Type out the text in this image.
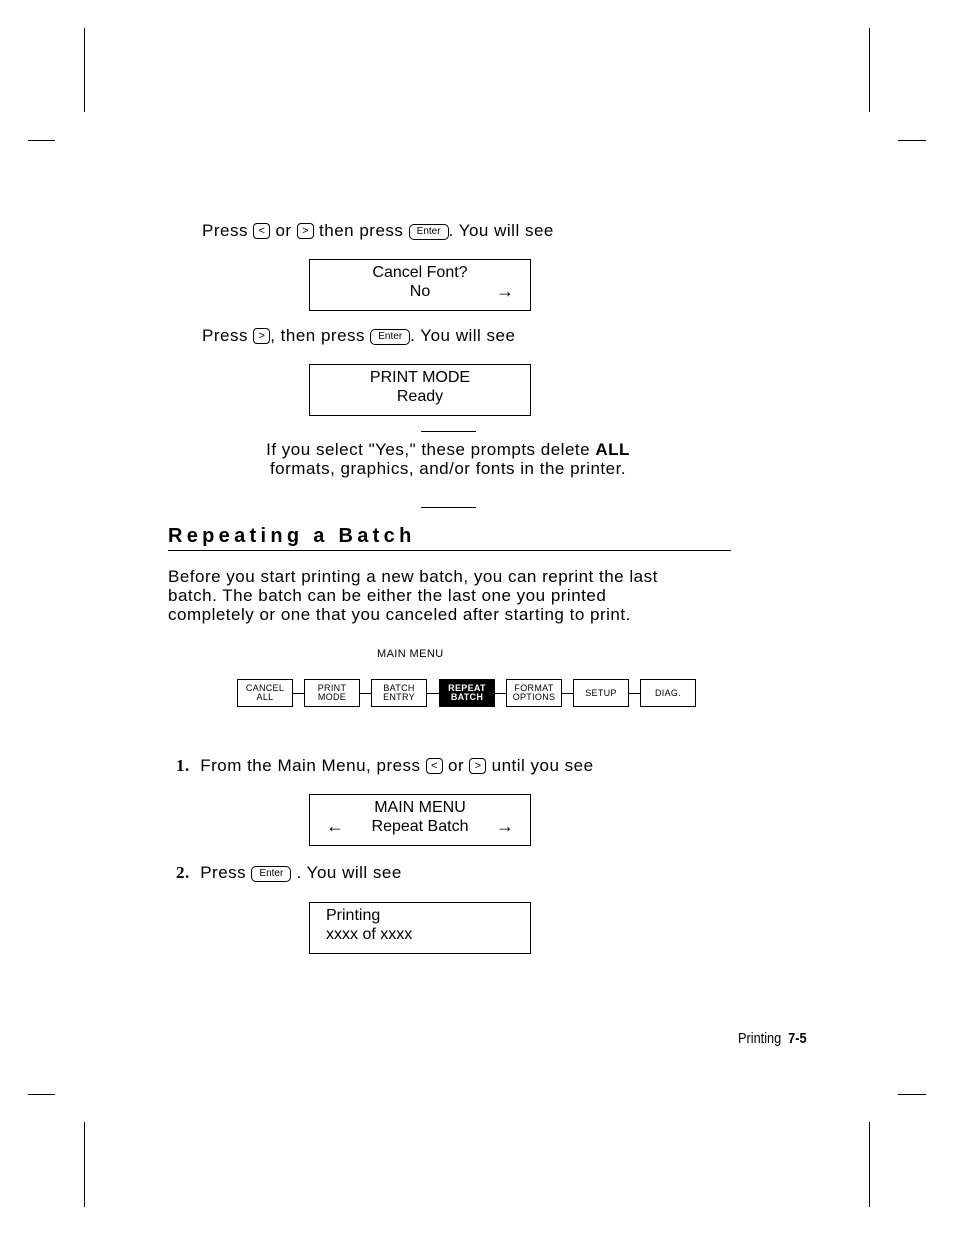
Press < or > then press Enter . You will see
Cancel Font?
No	→
Press > , then press Enter . You will see
PRINT MODE
Ready
If you select "Yes," these prompts delete ALL
formats, graphics, and/or fonts in the printer.
Repeating a Batch
Before you start printing a new batch, you can reprint the last
batch. The batch can be either the last one you printed
completely or one that you canceled after starting to print.
MAIN MENU
CANCEL
ALL
PRINT
MODE
BATCH
ENTRY
REPEAT
BATCH
FORMAT
OPTIONS	SETUP	DIAG.
1. From the Main Menu, press < or > until you see
MAIN MENU
Repeat Batch
←	→
2. Press Enter . You will see
Printing
xxxx of xxxx
Printing 7-5
